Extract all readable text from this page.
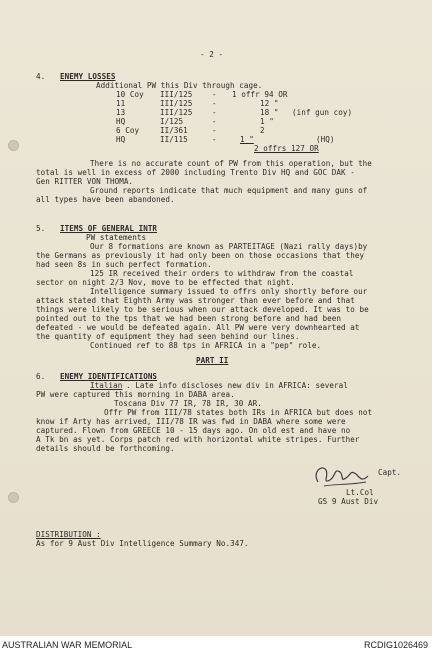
- 2 -
4. ENEMY LOSSES
Additional PW this Div through cage.
10 Coy III/125	- 1 offr 94 OR
11	III/125	-	12 "
13	III/125	-	18 " (inf gun coy)
HQ	I/125	-	1 "
6 Coy	II/361	-	2
HQ	II/115	-	1 "	(HQ)
2 offrs 127 OR
There is no accurate count of PW from this operation, but the
total is well in excess of 2000 including Trento Div HQ and GOC DAK -
Gen RITTER VON THOMA.
Ground reports indicate that much equipment and many guns of
all types have been abandoned.
5. ITEMS OF GENERAL INTR
PW statements
Our 8 formations are known as PARTEITAGE (Nazi rally days)by
the Germans as previously it had only been on those occasions that they
had seen 8s in such perfect formation.
125 IR received their orders to withdraw from the coastal
sector on night 2/3 Nov, move to be effected that night.
Intelligence summary issued to offrs only shortly before our
attack stated that Eighth Army was stronger than ever before and that
things were likely to be serious when our attack developed. It was to be
pointed out to the tps that we had been strong before and had been
defeated - we would be defeated again. All PW were very downhearted at
the quantity of equipment they had seen behind our lines.
Continued ref to 88 tps in AFRICA in a "pep" role.
PART II
6. ENEMY IDENTIFICATIONS
Italian . Late info discloses new div in AFRICA: several
PW were captured this morning in DABA area.
Toscana Div 77 IR, 78 IR, 30 AR.
Offr PW from III/78 states both IRs in AFRICA but does not
know if Arty has arrived, III/78 IR was fwd in DABA where some were
captured. Flown from GREECE 10 - 15 days ago. On old est and have no
A Tk bn as yet. Corps patch red with horizontal white stripes. Further
details should be forthcoming.
Capt.
Lt.Col
GS 9 Aust Div
DISTRIBUTION :
As for 9 Aust Div Intelligence Summary No.347.
AUSTRALIAN WAR MEMORIAL	RCDIG1026469
